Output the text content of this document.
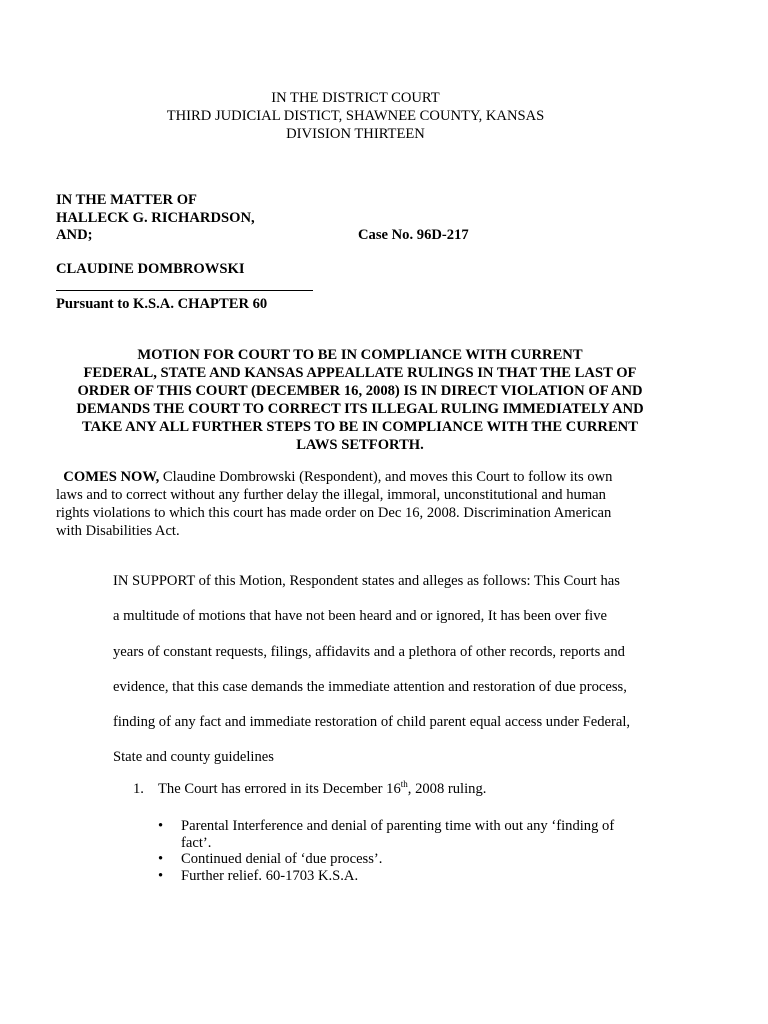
IN THE DISTRICT COURT
THIRD JUDICIAL DISTICT, SHAWNEE COUNTY, KANSAS
DIVISION THIRTEEN
IN THE MATTER OF
HALLECK G. RICHARDSON,
AND;	Case No. 96D-217
CLAUDINE DOMBROWSKI
Pursuant to K.S.A. CHAPTER 60
MOTION FOR COURT TO BE IN COMPLIANCE WITH CURRENT
FEDERAL, STATE AND KANSAS APPEALLATE RULINGS IN THAT THE LAST OF
ORDER OF THIS COURT (DECEMBER 16, 2008) IS IN DIRECT VIOLATION OF AND
DEMANDS THE COURT TO CORRECT ITS ILLEGAL RULING IMMEDIATELY AND
TAKE ANY ALL FURTHER STEPS TO BE IN COMPLIANCE WITH THE CURRENT
LAWS SETFORTH.
COMES NOW, Claudine Dombrowski (Respondent), and moves this Court to follow its own
laws and to correct without any further delay the illegal, immoral, unconstitutional and human
rights violations to which this court has made order on Dec 16, 2008. Discrimination American
with Disabilities Act.
IN SUPPORT of this Motion, Respondent states and alleges as follows: This Court has
a multitude of motions that have not been heard and or ignored, It has been over five
years of constant requests, filings, affidavits and a plethora of other records, reports and
evidence, that this case demands the immediate attention and restoration of due process,
finding of any fact and immediate restoration of child parent equal access under Federal,
State and county guidelines
1. The Court has errored in its December 16th, 2008 ruling.
• Parental Interference and denial of parenting time with out any ‘finding of
fact’.
• Continued denial of ‘due process’.
• Further relief. 60-1703 K.S.A.
